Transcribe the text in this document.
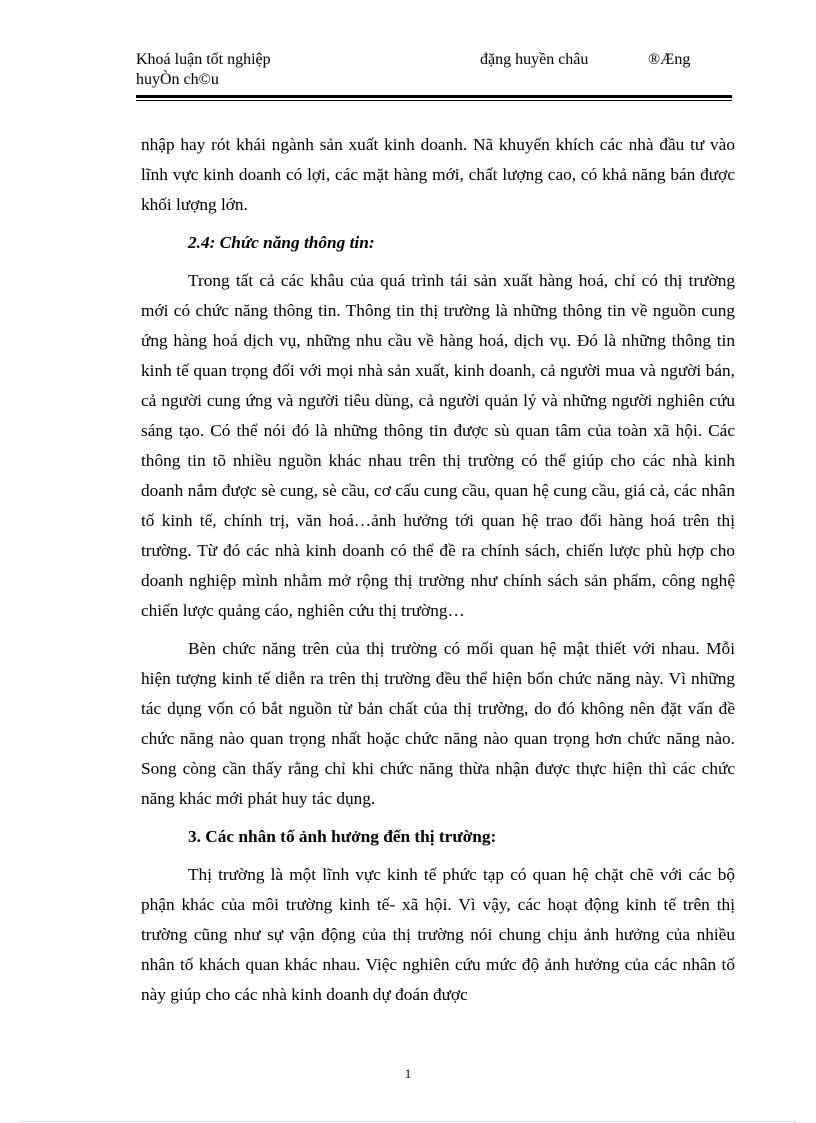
Khoá luận tốt nghiệp
huyÒn ch©u
đặng huyền châu	®Æng

nhập hay rót khái ngành sản xuất kinh doanh. Nã khuyến khích các nhà đầu tư vào lĩnh vực kinh doanh có lợi, các mặt hàng mới, chất lượng cao, có khả năng bán được khối lượng lớn.

2.4: Chức năng thông tin:

Trong tất cả các khâu của quá trình tái sản xuất hàng hoá, chỉ có thị trường mới có chức năng thông tin. Thông tin thị trường là những thông tin về nguồn cung ứng hàng hoá dịch vụ, những nhu cầu về hàng hoá, dịch vụ. Đó là những thông tin kinh tế quan trọng đối với mọi nhà sản xuất, kinh doanh, cả người mua và người bán, cả người cung ứng và người tiêu dùng, cả người quản lý và những người nghiên cứu sáng tạo. Có thể nói đó là những thông tin được sù quan tâm của toàn xã hội. Các thông tin tõ nhiều nguồn khác nhau trên thị trường có thể giúp cho các nhà kinh doanh nắm được sè cung, sè cầu, cơ cấu cung cầu, quan hệ cung cầu, giá cả, các nhân tố kinh tế, chính trị, văn hoá…ảnh hưởng tới quan hệ trao đổi hàng hoá trên thị trường. Từ đó các nhà kinh doanh có thể đề ra chính sách, chiến lược phù hợp cho doanh nghiệp mình nhằm mở rộng thị trường như chính sách sản phẩm, công nghệ chiến lược quảng cáo, nghiên cứu thị trường…

Bèn chức năng trên của thị trường có mối quan hệ mật thiết với nhau. Mỗi hiện tượng kinh tế diễn ra trên thị trường đều thể hiện bốn chức năng này. Vì những tác dụng vốn có bắt nguồn từ bản chất của thị trường, do đó không nên đặt vấn đề chức năng nào quan trọng nhất hoặc chức năng nào quan trọng hơn chức năng nào. Song còng cần thấy rằng chỉ khi chức năng thừa nhận được thực hiện thì các chức năng khác mới phát huy tác dụng.

3. Các nhân tố ảnh hưởng đến thị trường:

Thị trường là một lĩnh vực kinh tế phức tạp có quan hệ chặt chẽ với các bộ phận khác của môi trường kinh tế- xã hội. Vì vậy, các hoạt động kinh tế trên thị trường cũng như sự vận động của thị trường nói chung chịu ảnh hưởng của nhiều nhân tố khách quan khác nhau. Việc nghiên cứu mức độ ảnh hưởng của các nhân tố này giúp cho các nhà kinh doanh dự đoán được

1
